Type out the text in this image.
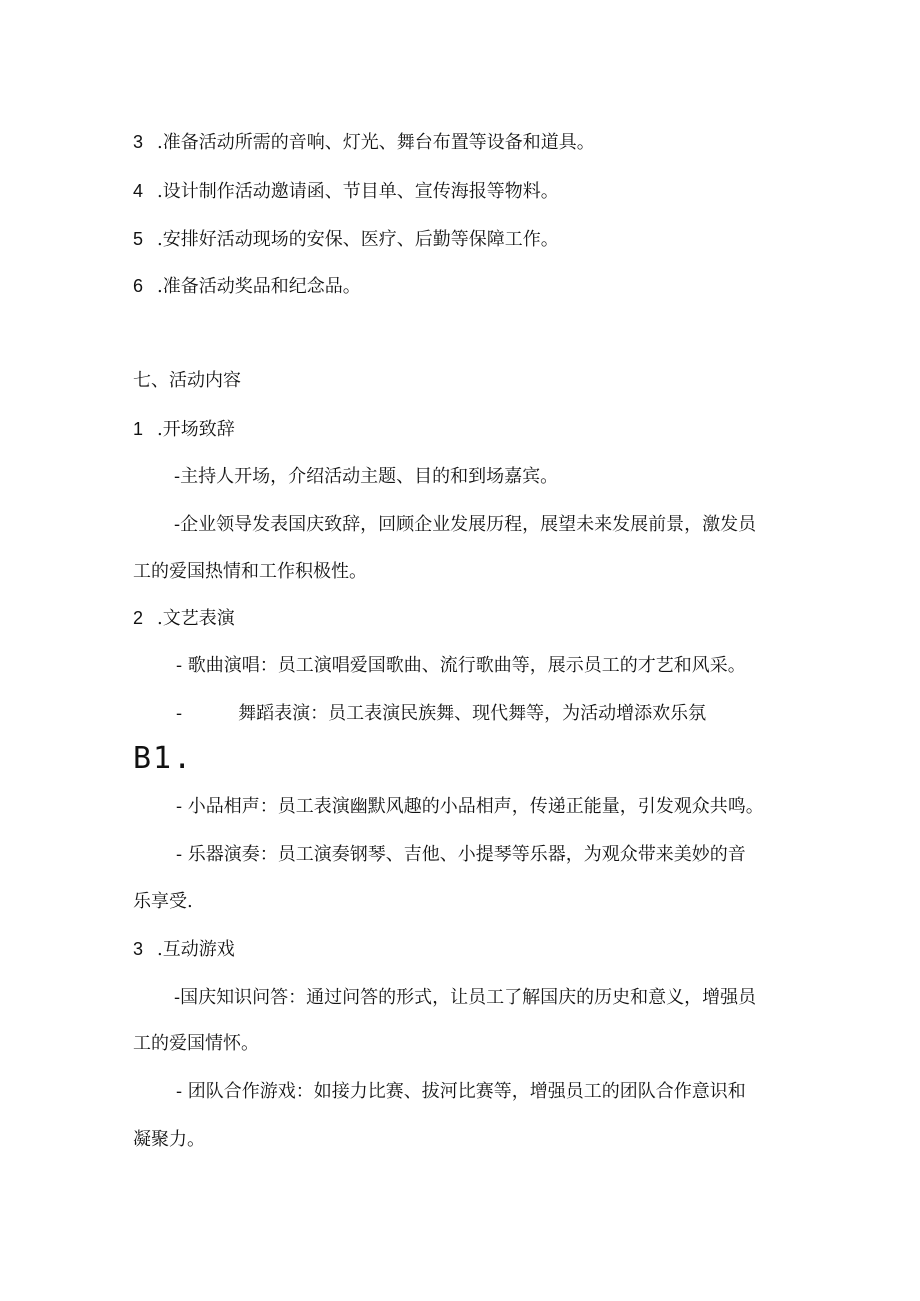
3 .准备活动所需的音响、灯光、舞台布置等设备和道具。
4 .设计制作活动邀请函、节目单、宣传海报等物料。
5 .安排好活动现场的安保、医疗、后勤等保障工作。
6 .准备活动奖品和纪念品。
七、活动内容
1 .开场致辞
-主持人开场，介绍活动主题、目的和到场嘉宾。
-企业领导发表国庆致辞，回顾企业发展历程，展望未来发展前景，激发员
工的爱国热情和工作积极性。
2 .文艺表演
- 歌曲演唱：员工演唱爱国歌曲、流行歌曲等，展示员工的才艺和风采。
-	舞蹈表演：员工表演民族舞、现代舞等，为活动增添欢乐氛
B1.
- 小品相声：员工表演幽默风趣的小品相声，传递正能量，引发观众共鸣。
- 乐器演奏：员工演奏钢琴、吉他、小提琴等乐器，为观众带来美妙的音
乐享受.
3 .互动游戏
-国庆知识问答：通过问答的形式，让员工了解国庆的历史和意义，增强员
工的爱国情怀。
- 团队合作游戏：如接力比赛、拔河比赛等，增强员工的团队合作意识和
凝聚力。
